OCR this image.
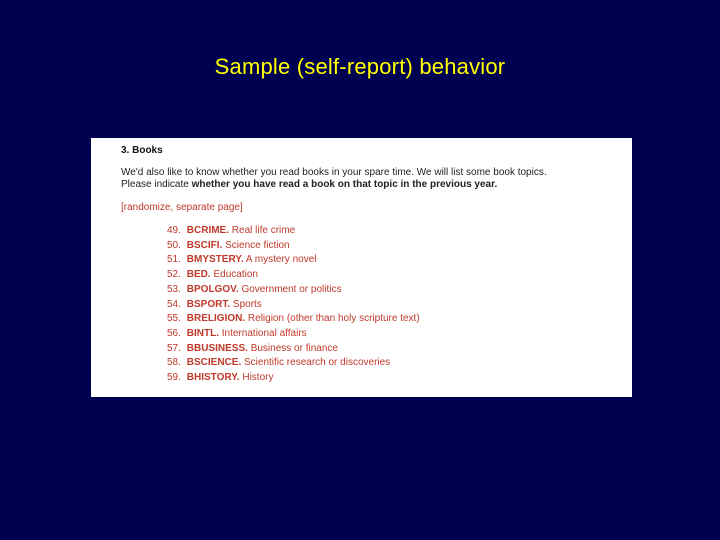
Sample (self-report) behavior
3. Books

We'd also like to know whether you read books in your spare time. We will list some book topics.
Please indicate whether you have read a book on that topic in the previous year.

[randomize, separate page]
49. BCRIME. Real life crime
50. BSCIFI. Science fiction
51. BMYSTERY. A mystery novel
52. BED. Education
53. BPOLGOV. Government or politics
54. BSPORT. Sports
55. BRELIGION. Religion (other than holy scripture text)
56. BINTL. International affairs
57. BBUSINESS. Business or finance
58. BSCIENCE. Scientific research or discoveries
59. BHISTORY. History
